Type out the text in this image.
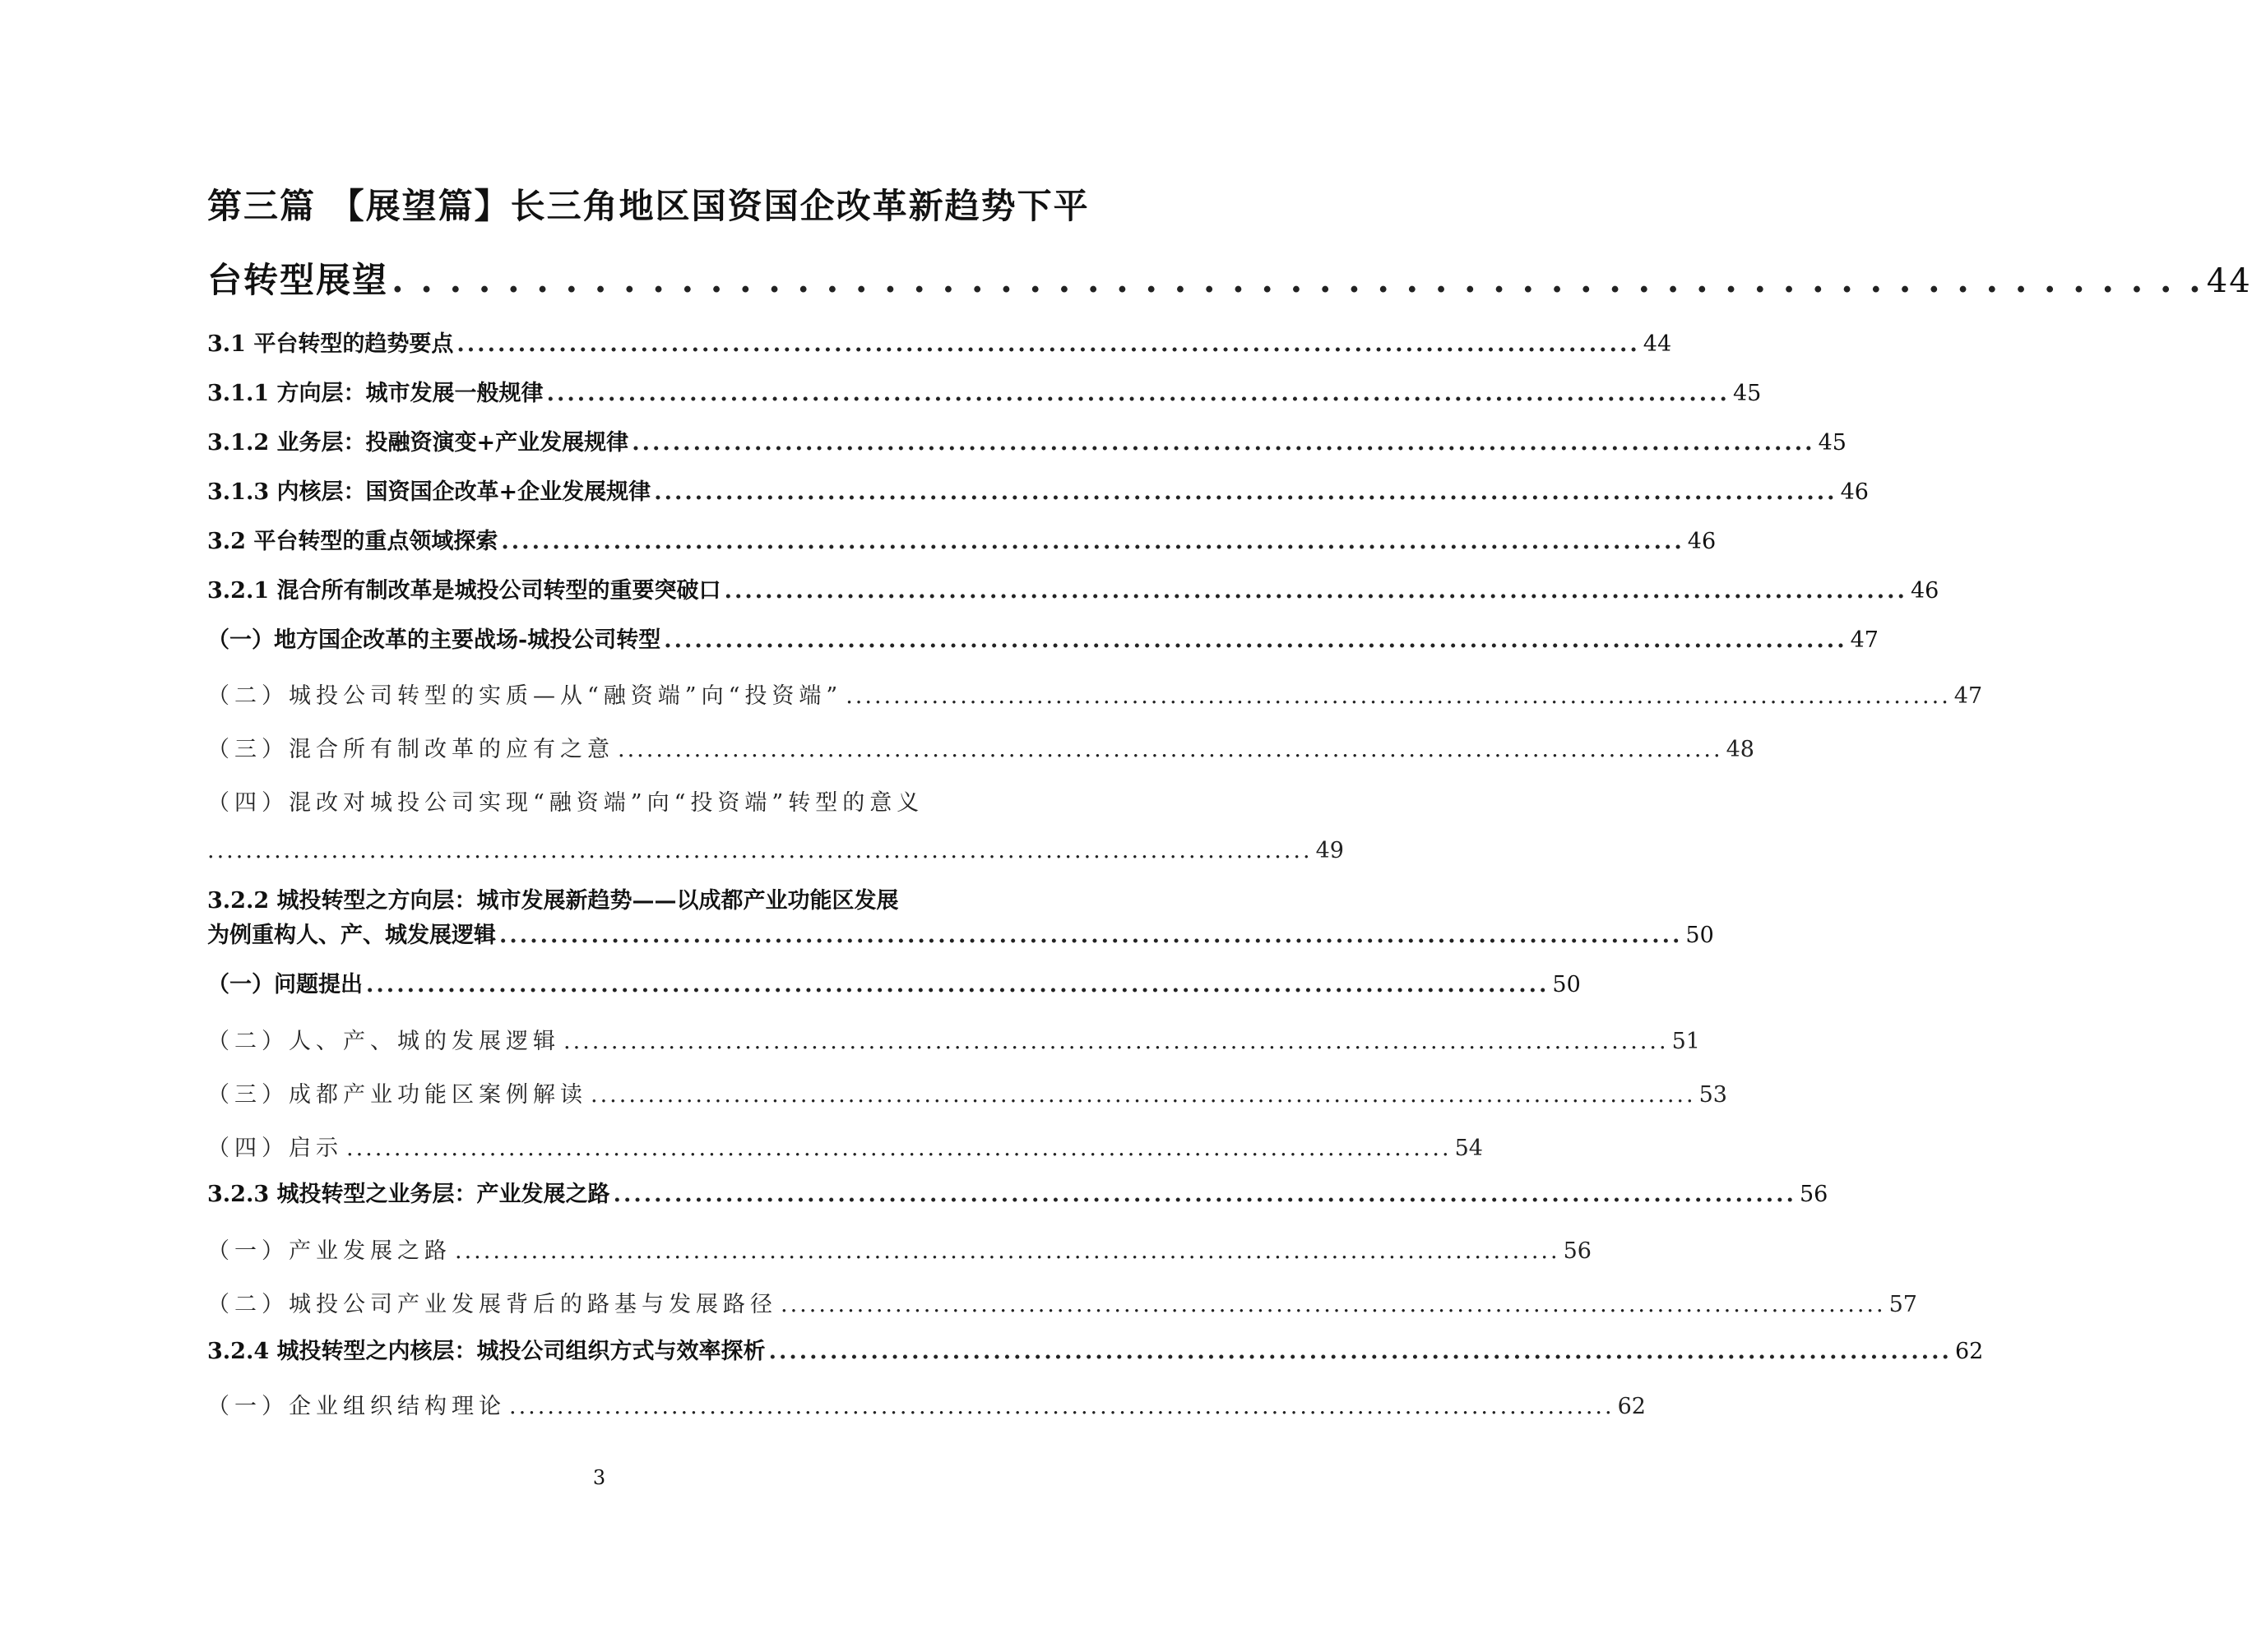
第三篇 【展望篇】长三角地区国资国企改革新趋势下平
台转型展望 . . . . . . . . . . . . . . . . . . . . . . . . . . . . . . . . . . . . . . . . . . . . . . . . . . . . . . . . . . . . . . . 44
3.1 平台转型的趋势要点 .................................................................................................................... 44
3.1.1 方向层：城市发展一般规律 .................................................................................................................... 45
3.1.2 业务层：投融资演变+产业发展规律 .................................................................................................................... 45
3.1.3 内核层：国资国企改革+企业发展规律 .................................................................................................................... 46
3.2 平台转型的重点领域探索 .................................................................................................................... 46
3.2.1 混合所有制改革是城投公司转型的重要突破口 .................................................................................................................... 46
（一）地方国企改革的主要战场-城投公司转型 .................................................................................................................... 47
（二）城投公司转型的实质—从“融资端”向“投资端” .................................................................................................................... 47
（三）混合所有制改革的应有之意 .................................................................................................................... 48
（四）混改对城投公司实现“融资端”向“投资端”转型的意义
.................................................................................................................... 49
3.2.2 城投转型之方向层：城市发展新趋势——以成都产业功能区发展
为例重构人、产、城发展逻辑 .................................................................................................................... 50
（一）问题提出 .................................................................................................................... 50
（二）人、产、城的发展逻辑 .................................................................................................................... 51
（三）成都产业功能区案例解读 .................................................................................................................... 53
（四）启示 .................................................................................................................... 54
3.2.3 城投转型之业务层：产业发展之路 .................................................................................................................... 56
（一）产业发展之路 .................................................................................................................... 56
（二）城投公司产业发展背后的路基与发展路径 .................................................................................................................... 57
3.2.4 城投转型之内核层：城投公司组织方式与效率探析 .................................................................................................................... 62
（一）企业组织结构理论 .................................................................................................................... 62
3
